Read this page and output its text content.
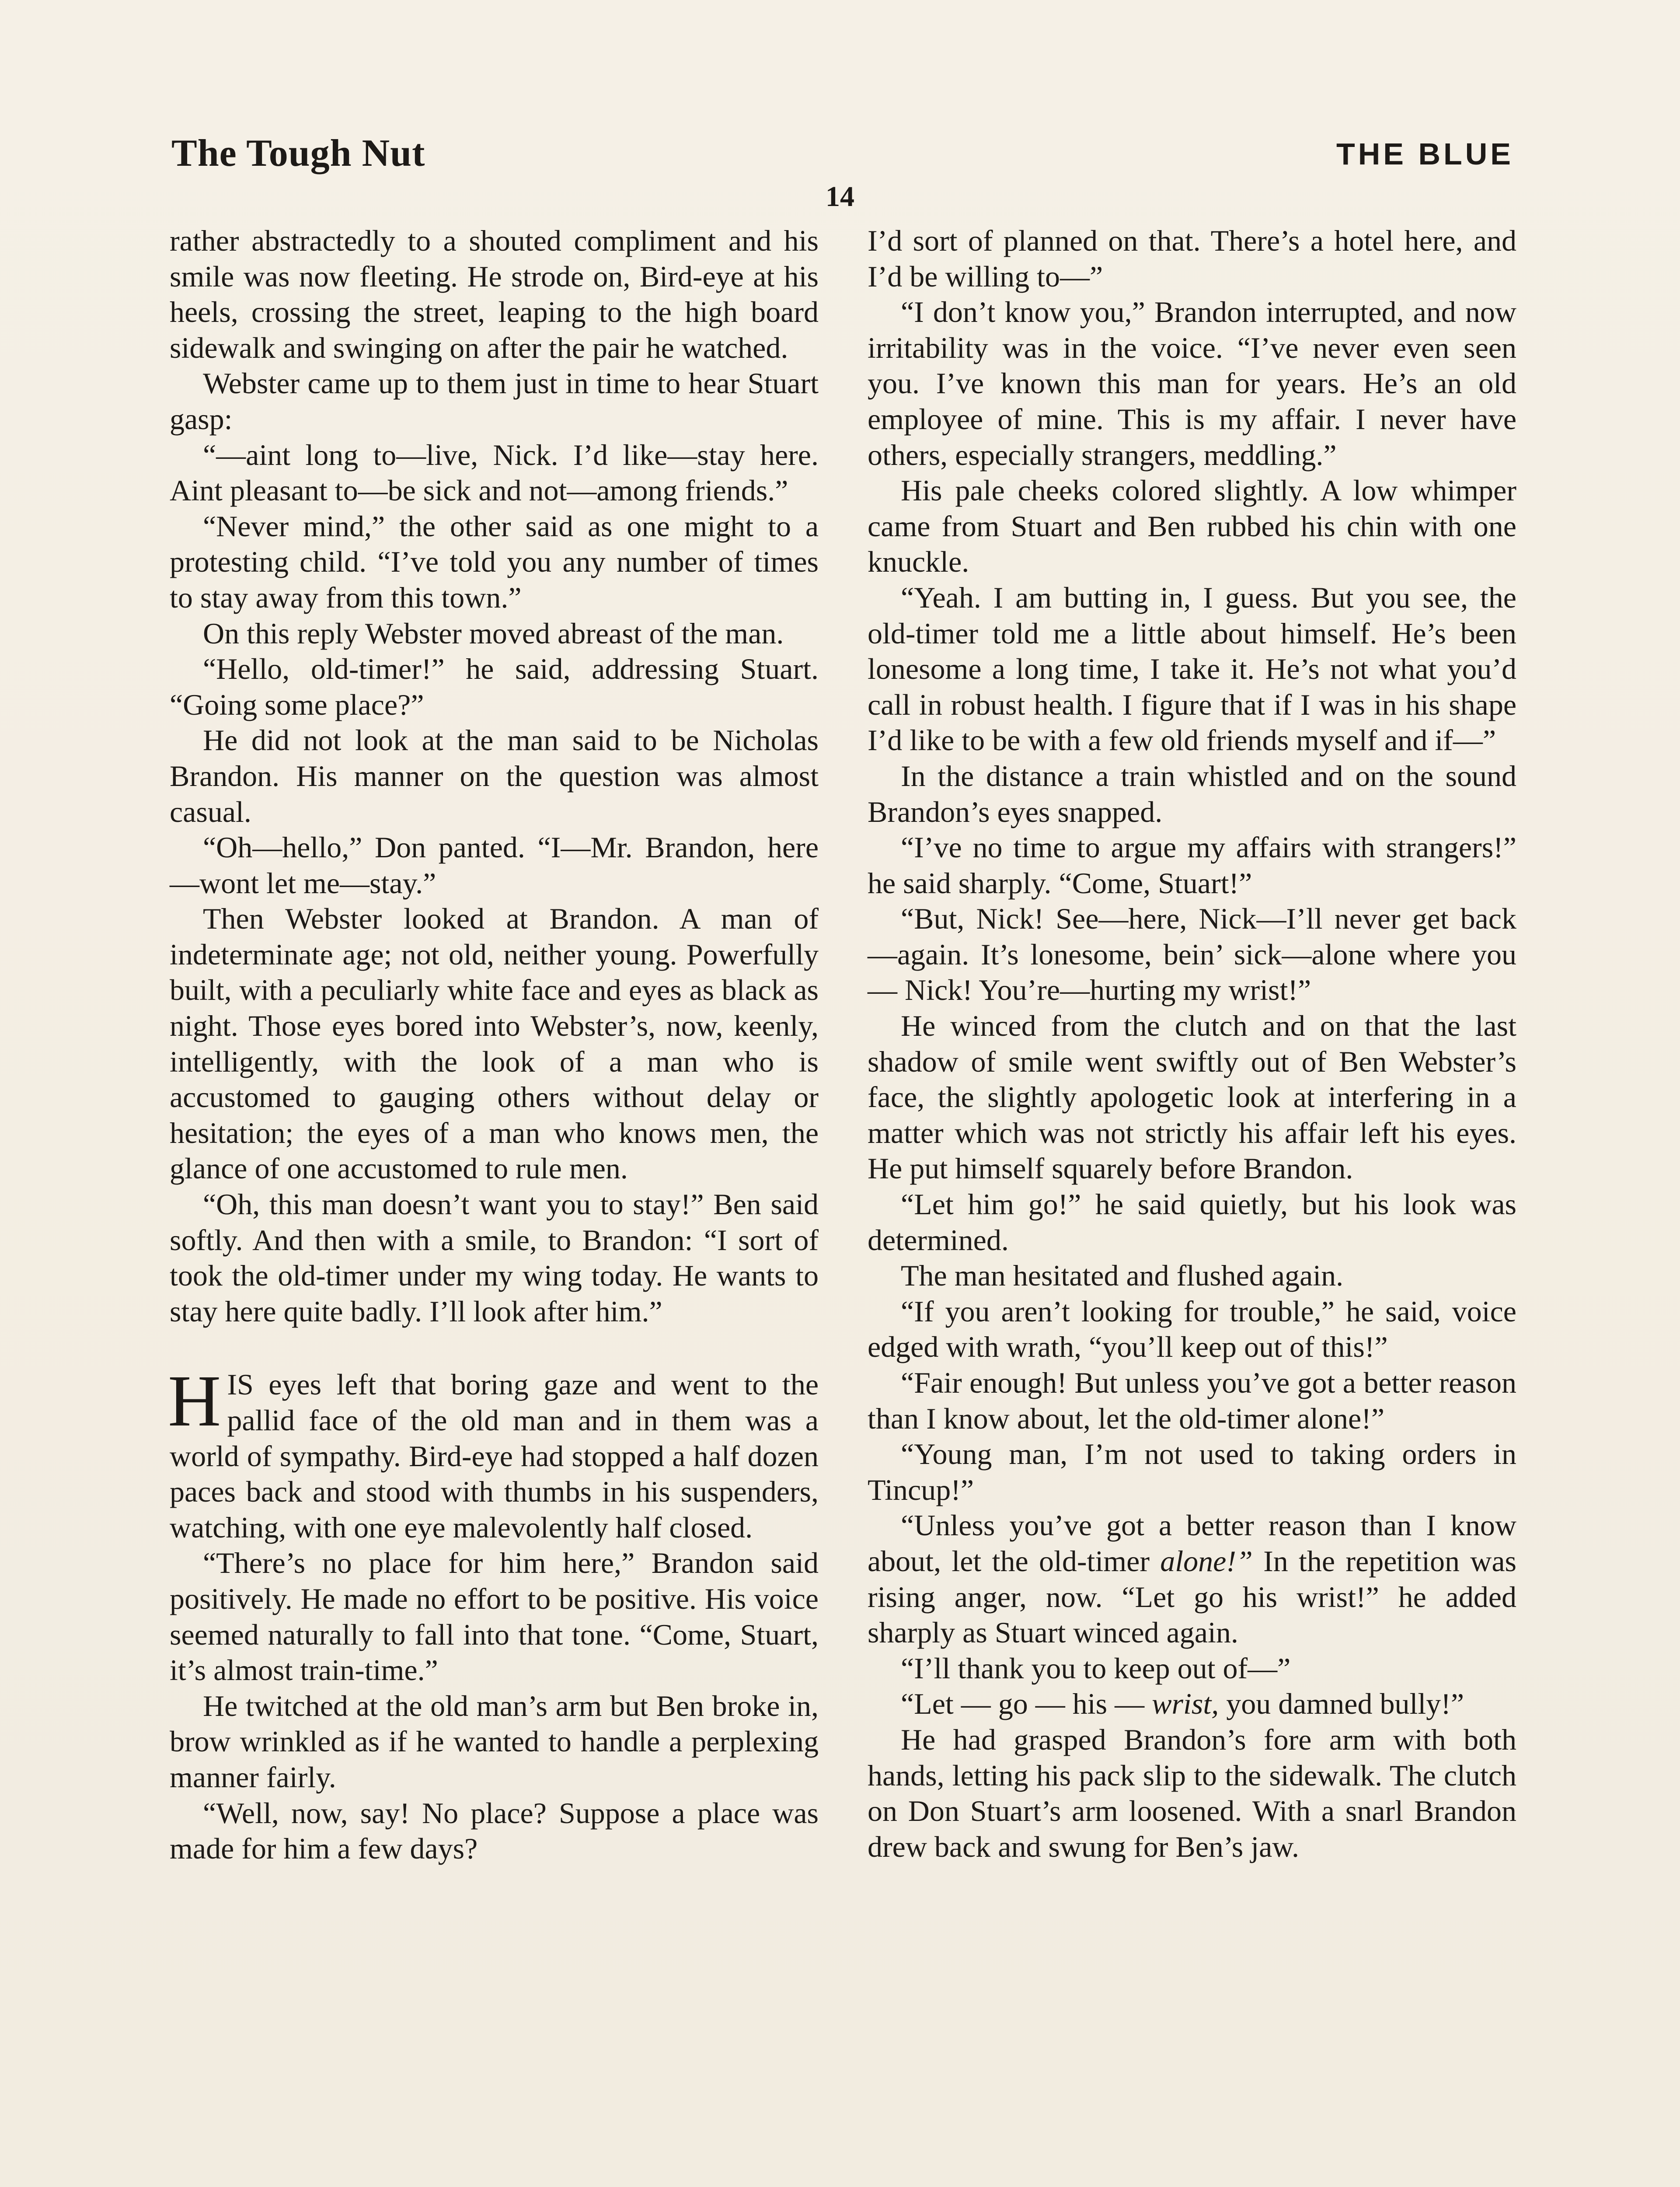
The Tough Nut	THE BLUE
14

rather abstractedly to a shouted compliment and his smile was now fleeting. He strode on, Bird-eye at his heels, crossing the street, leaping to the high board sidewalk and swinging on after the pair he watched.

Webster came up to them just in time to hear Stuart gasp:

“—aint long to—live, Nick. I’d like—stay here. Aint pleasant to—be sick and not—among friends.”

“Never mind,” the other said as one might to a protesting child. “I’ve told you any number of times to stay away from this town.”

On this reply Webster moved abreast of the man.

“Hello, old-timer!” he said, addressing Stuart. “Going some place?”

He did not look at the man said to be Nicholas Brandon. His manner on the question was almost casual.

“Oh—hello,” Don panted. “I—Mr. Brandon, here—wont let me—stay.”

Then Webster looked at Brandon. A man of indeterminate age; not old, neither young. Powerfully built, with a peculiarly white face and eyes as black as night. Those eyes bored into Webster’s, now, keenly, intelligently, with the look of a man who is accustomed to gauging others without delay or hesitation; the eyes of a man who knows men, the glance of one accustomed to rule men.

“Oh, this man doesn’t want you to stay!” Ben said softly. And then with a smile, to Brandon: “I sort of took the old-timer under my wing today. He wants to stay here quite badly. I’ll look after him.”

HIS eyes left that boring gaze and went to the pallid face of the old man and in them was a world of sympathy. Bird-eye had stopped a half dozen paces back and stood with thumbs in his suspenders, watching, with one eye malevolently half closed.

“There’s no place for him here,” Brandon said positively. He made no effort to be positive. His voice seemed naturally to fall into that tone. “Come, Stuart, it’s almost train-time.”

He twitched at the old man’s arm but Ben broke in, brow wrinkled as if he wanted to handle a perplexing manner fairly.

“Well, now, say! No place? Suppose a place was made for him a few days?

I’d sort of planned on that. There’s a hotel here, and I’d be willing to—”

“I don’t know you,” Brandon interrupted, and now irritability was in the voice. “I’ve never even seen you. I’ve known this man for years. He’s an old employee of mine. This is my affair. I never have others, especially strangers, meddling.”

His pale cheeks colored slightly. A low whimper came from Stuart and Ben rubbed his chin with one knuckle.

“Yeah. I am butting in, I guess. But you see, the old-timer told me a little about himself. He’s been lonesome a long time, I take it. He’s not what you’d call in robust health. I figure that if I was in his shape I’d like to be with a few old friends myself and if—”

In the distance a train whistled and on the sound Brandon’s eyes snapped.

“I’ve no time to argue my affairs with strangers!” he said sharply. “Come, Stuart!”

“But, Nick! See—here, Nick—I’ll never get back—again. It’s lonesome, bein’ sick—alone where you— Nick! You’re—hurting my wrist!”

He winced from the clutch and on that the last shadow of smile went swiftly out of Ben Webster’s face, the slightly apologetic look at interfering in a matter which was not strictly his affair left his eyes. He put himself squarely before Brandon.

“Let him go!” he said quietly, but his look was determined.

The man hesitated and flushed again.

“If you aren’t looking for trouble,” he said, voice edged with wrath, “you’ll keep out of this!”

“Fair enough! But unless you’ve got a better reason than I know about, let the old-timer alone!”

“Young man, I’m not used to taking orders in Tincup!”

“Unless you’ve got a better reason than I know about, let the old-timer alone!” In the repetition was rising anger, now. “Let go his wrist!” he added sharply as Stuart winced again.

“I’ll thank you to keep out of—”

“Let — go — his — wrist, you damned bully!”

He had grasped Brandon’s fore arm with both hands, letting his pack slip to the sidewalk. The clutch on Don Stuart’s arm loosened. With a snarl Brandon drew back and swung for Ben’s jaw.
